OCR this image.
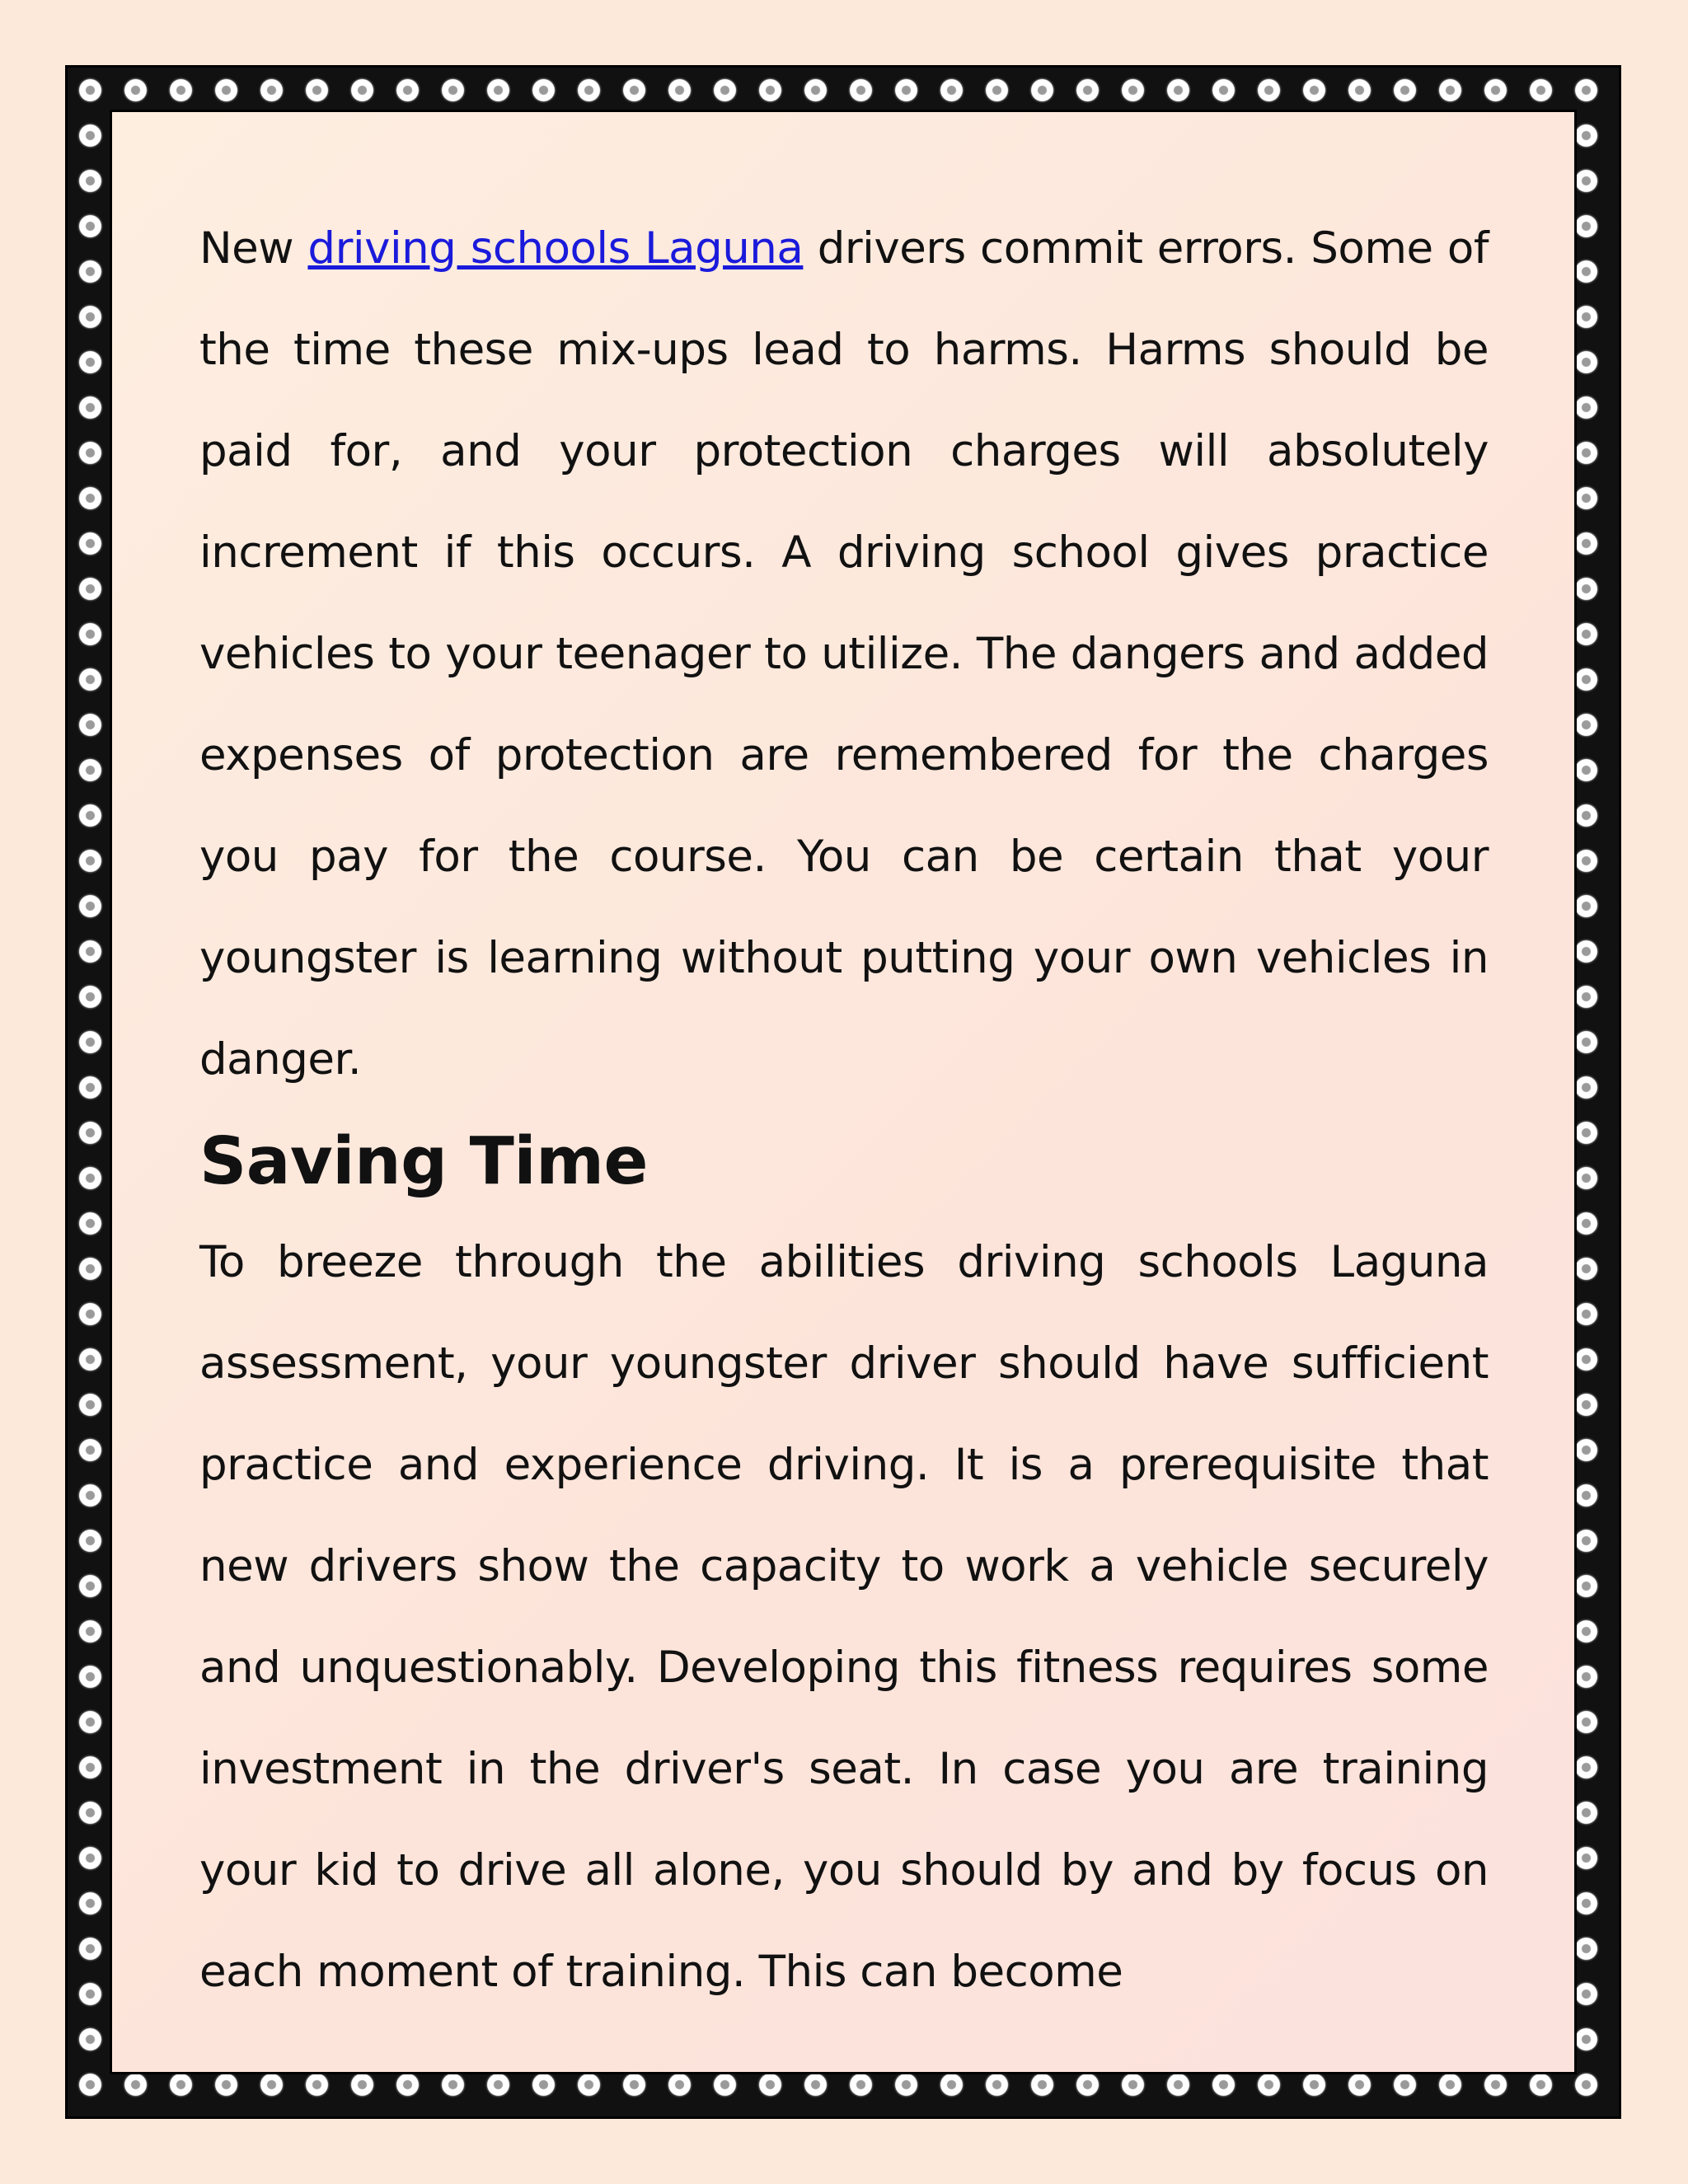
New driving schools Laguna drivers commit errors. Some of the time these mix-ups lead to harms. Harms should be paid for, and your protection charges will absolutely increment if this occurs. A driving school gives practice vehicles to your teenager to utilize. The dangers and added expenses of protection are remembered for the charges you pay for the course. You can be certain that your youngster is learning without putting your own vehicles in danger.

Saving Time

To breeze through the abilities driving schools Laguna assessment, your youngster driver should have sufficient practice and experience driving. It is a prerequisite that new drivers show the capacity to work a vehicle securely and unquestionably. Developing this fitness requires some investment in the driver's seat. In case you are training your kid to drive all alone, you should by and by focus on each moment of training. This can become
